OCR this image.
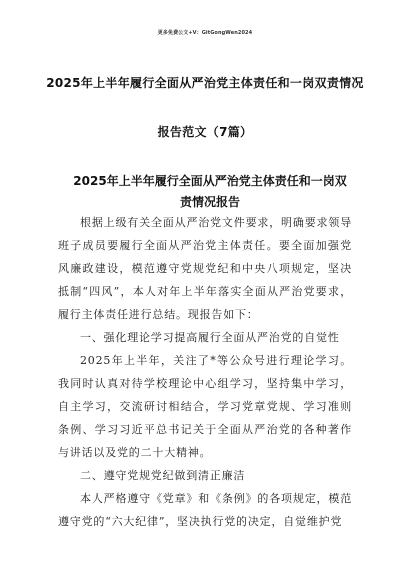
更多免费公文+V：GitGongWen2024
2025年上半年履行全面从严治党主体责任和一岗双责情况
报告范文（7篇）
2025年上半年履行全面从严治党主体责任和一岗双责情况报告

根据上级有关全面从严治党文件要求，明确要求领导班子成员要履行全面从严治党主体责任。要全面加强党风廉政建设，模范遵守党规党纪和中央八项规定，坚决抵制“四风”，本人对年上半年落实全面从严治党要求，履行主体责任进行总结。现报告如下：

一、强化理论学习提高履行全面从严治党的自觉性

2025年上半年，关注了*等公众号进行理论学习。我同时认真对待学校理论中心组学习，坚持集中学习，自主学习，交流研讨相结合，学习党章党规、学习准则条例、学习习近平总书记关于全面从严治党的各种著作与讲话以及党的二十大精神。

二、遵守党规党纪做到清正廉洁

本人严格遵守《党章》和《条例》的各项规定，模范遵守党的“六大纪律”，坚决执行党的决定，自觉维护党
